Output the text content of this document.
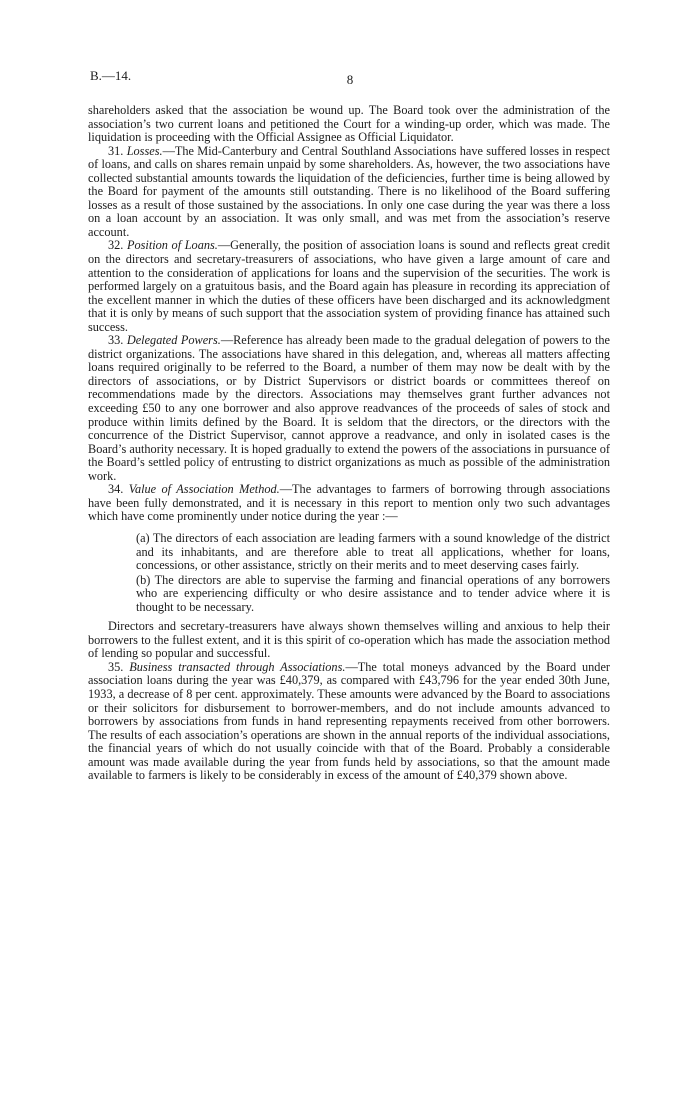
B.—14.	8

shareholders asked that the association be wound up. The Board took over the administration of the association’s two current loans and petitioned the Court for a winding-up order, which was made. The liquidation is proceeding with the Official Assignee as Official Liquidator.

31. Losses.—The Mid-Canterbury and Central Southland Associations have suffered losses in respect of loans, and calls on shares remain unpaid by some shareholders. As, however, the two associations have collected substantial amounts towards the liquidation of the deficiencies, further time is being allowed by the Board for payment of the amounts still outstanding. There is no likelihood of the Board suffering losses as a result of those sustained by the associations. In only one case during the year was there a loss on a loan account by an association. It was only small, and was met from the association’s reserve account.

32. Position of Loans.—Generally, the position of association loans is sound and reflects great credit on the directors and secretary-treasurers of associations, who have given a large amount of care and attention to the consideration of applications for loans and the supervision of the securities. The work is performed largely on a gratuitous basis, and the Board again has pleasure in recording its appreciation of the excellent manner in which the duties of these officers have been discharged and its acknowledgment that it is only by means of such support that the association system of providing finance has attained such success.

33. Delegated Powers.—Reference has already been made to the gradual delegation of powers to the district organizations. The associations have shared in this delegation, and, whereas all matters affecting loans required originally to be referred to the Board, a number of them may now be dealt with by the directors of associations, or by District Supervisors or district boards or committees thereof on recommendations made by the directors. Associations may themselves grant further advances not exceeding £50 to any one borrower and also approve readvances of the proceeds of sales of stock and produce within limits defined by the Board. It is seldom that the directors, or the directors with the concurrence of the District Supervisor, cannot approve a readvance, and only in isolated cases is the Board’s authority necessary. It is hoped gradually to extend the powers of the associations in pursuance of the Board’s settled policy of entrusting to district organizations as much as possible of the administration work.

34. Value of Association Method.—The advantages to farmers of borrowing through associations have been fully demonstrated, and it is necessary in this report to mention only two such advantages which have come prominently under notice during the year :—

(a) The directors of each association are leading farmers with a sound knowledge of the district and its inhabitants, and are therefore able to treat all applications, whether for loans, concessions, or other assistance, strictly on their merits and to meet deserving cases fairly.

(b) The directors are able to supervise the farming and financial operations of any borrowers who are experiencing difficulty or who desire assistance and to tender advice where it is thought to be necessary.

Directors and secretary-treasurers have always shown themselves willing and anxious to help their borrowers to the fullest extent, and it is this spirit of co-operation which has made the association method of lending so popular and successful.

35. Business transacted through Associations.—The total moneys advanced by the Board under association loans during the year was £40,379, as compared with £43,796 for the year ended 30th June, 1933, a decrease of 8 per cent. approximately. These amounts were advanced by the Board to associations or their solicitors for disbursement to borrower-members, and do not include amounts advanced to borrowers by associations from funds in hand representing repayments received from other borrowers. The results of each association’s operations are shown in the annual reports of the individual associations, the financial years of which do not usually coincide with that of the Board. Probably a considerable amount was made available during the year from funds held by associations, so that the amount made available to farmers is likely to be considerably in excess of the amount of £40,379 shown above.
